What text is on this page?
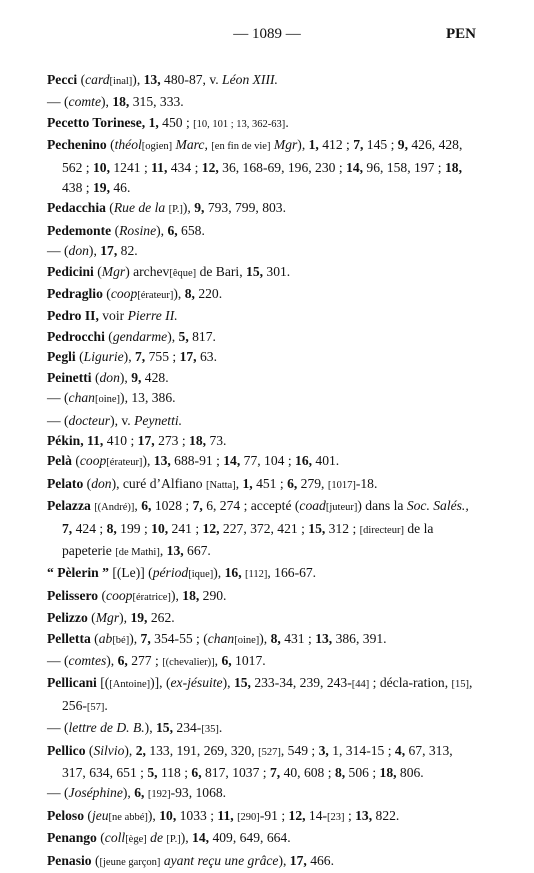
— 1089 —	PEN
Pecci (card[inal]), 13, 480-87, v. Léon XIII.
— (comte), 18, 315, 333.
Pecetto Torinese, 1, 450 ; [10, 101 ; 13, 362-63].
Pechenino (théol[ogien] Marc, [en fin de vie] Mgr), 1, 412 ; 7, 145 ; 9, 426, 428, 562 ; 10, 1241 ; 11, 434 ; 12, 36, 168-69, 196, 230 ; 14, 96, 158, 197 ; 18, 438 ; 19, 46.
Pedacchia (Rue de la [P.]), 9, 793, 799, 803.
Pedemonte (Rosine), 6, 658.
— (don), 17, 82.
Pedicini (Mgr) archev[êque] de Bari, 15, 301.
Pedraglio (coop[érateur]), 8, 220.
Pedro II, voir Pierre II.
Pedrocchi (gendarme), 5, 817.
Pegli (Ligurie), 7, 755 ; 17, 63.
Peinetti (don), 9, 428.
— (chan[oine]), 13, 386.
— (docteur), v. Peynetti.
Pékin, 11, 410 ; 17, 273 ; 18, 73.
Pelà (coop[érateur]), 13, 688-91 ; 14, 77, 104 ; 16, 401.
Pelato (don), curé d’Alfiano [Natta], 1, 451 ; 6, 279, [1017]-18.
Pelazza [(André)], 6, 1028 ; 7, 6, 274 ; accepté (coad[juteur]) dans la Soc. Salés., 7, 424 ; 8, 199 ; 10, 241 ; 12, 227, 372, 421 ; 15, 312 ; [directeur] de la papeterie [de Mathi], 13, 667.
“ Pèlerin ” [(Le)] (périod[ique]), 16, [112], 166-67.
Pelissero (coop[ératrice]), 18, 290.
Pelizzo (Mgr), 19, 262.
Pelletta (ab[bé]), 7, 354-55 ; (chan[oine]), 8, 431 ; 13, 386, 391.
— (comtes), 6, 277 ; [(chevalier)], 6, 1017.
Pellicani [([Antoine])], (ex-jésuite), 15, 233-34, 239, 243-[44] ; décla-ration, [15], 256-[57].
— (lettre de D. B.), 15, 234-[35].
Pellico (Silvio), 2, 133, 191, 269, 320, [527], 549 ; 3, 1, 314-15 ; 4, 67, 313, 317, 634, 651 ; 5, 118 ; 6, 817, 1037 ; 7, 40, 608 ; 8, 506 ; 18, 806.
— (Joséphine), 6, [192]-93, 1068.
Peloso (jeu[ne abbé]), 10, 1033 ; 11, [290]-91 ; 12, 14-[23] ; 13, 822.
Penango (coll[ège] de [P.]), 14, 409, 649, 664.
Penasio ([jeune garçon] ayant reçu une grâce), 17, 466.
